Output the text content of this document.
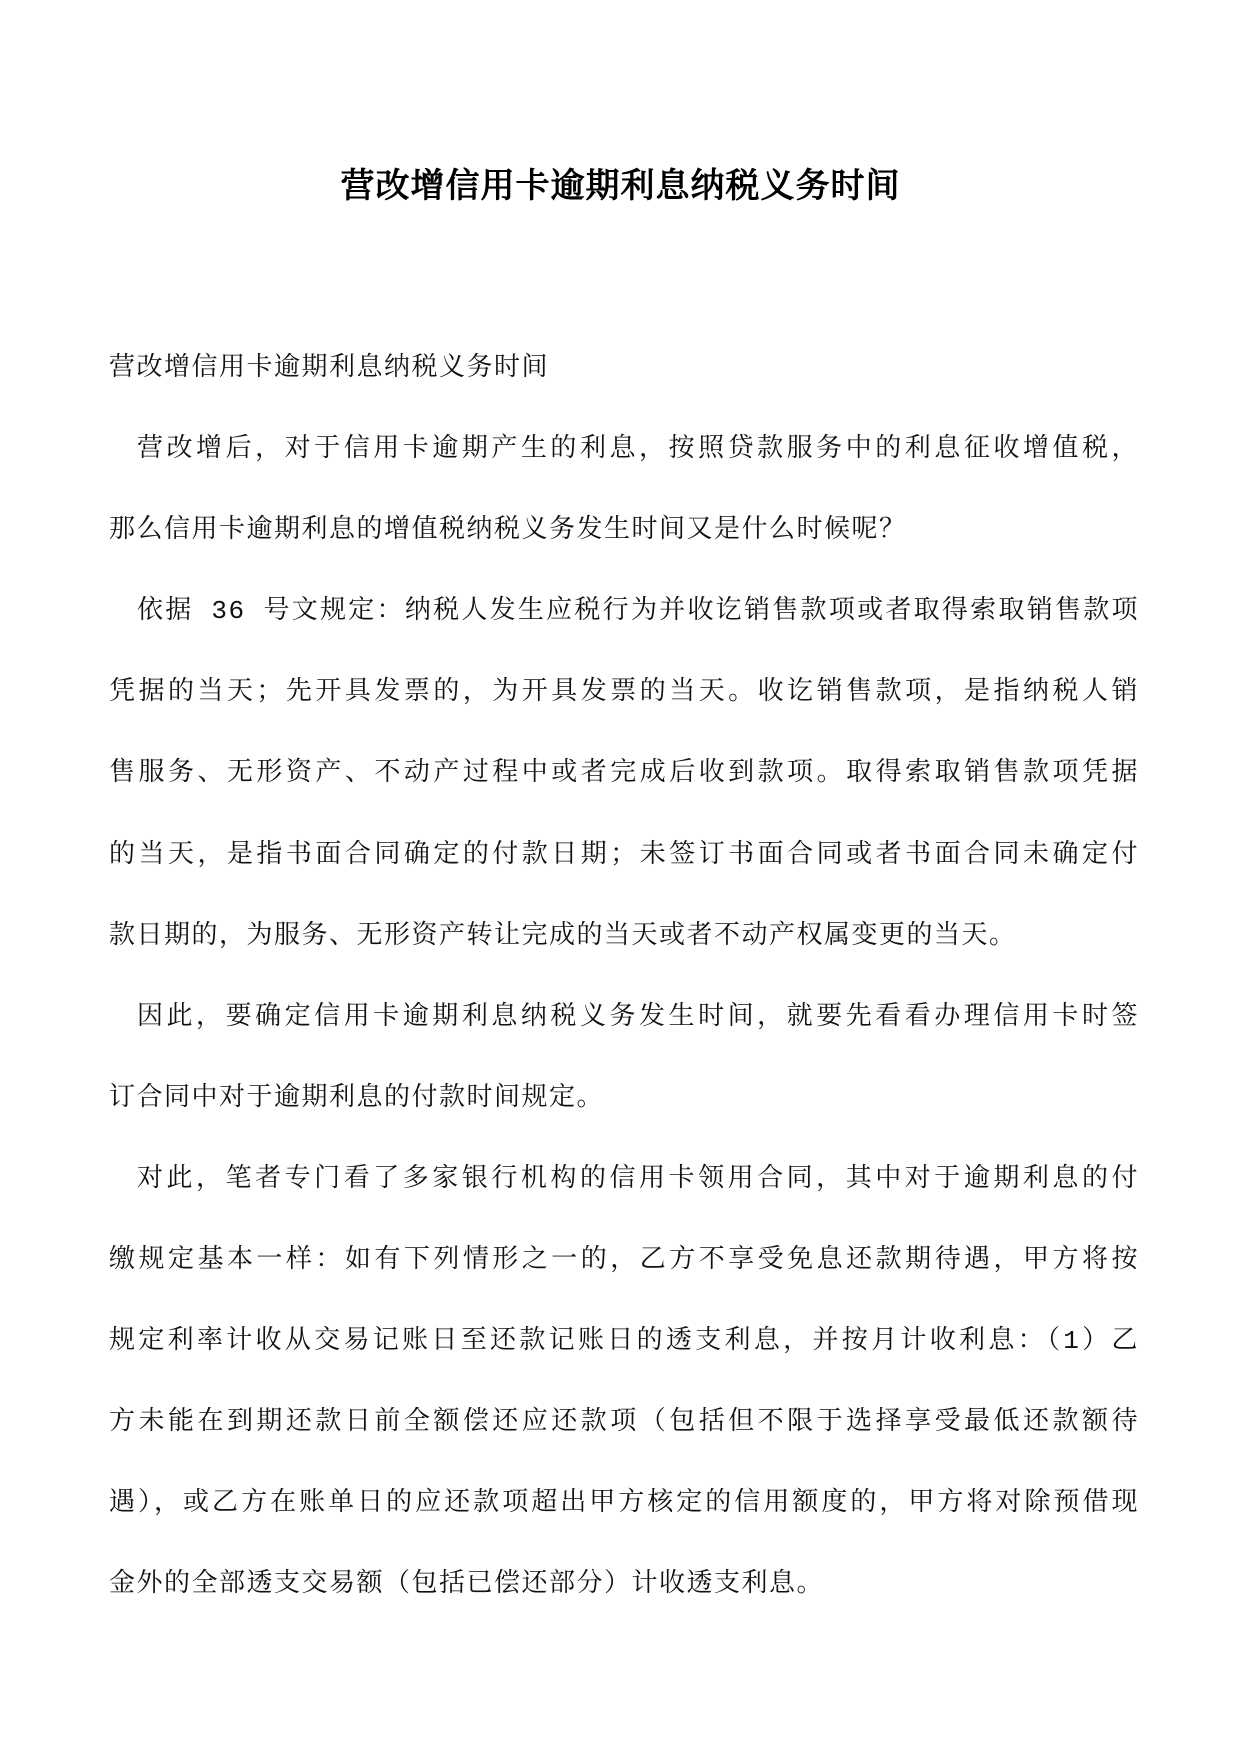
营改增信用卡逾期利息纳税义务时间
营改增信用卡逾期利息纳税义务时间
营改增后，对于信用卡逾期产生的利息，按照贷款服务中的利息征收增值税，
那么信用卡逾期利息的增值税纳税义务发生时间又是什么时候呢？
依据 36 号文规定：纳税人发生应税行为并收讫销售款项或者取得索取销售款项
凭据的当天；先开具发票的，为开具发票的当天。收讫销售款项，是指纳税人销
售服务、无形资产、不动产过程中或者完成后收到款项。取得索取销售款项凭据
的当天，是指书面合同确定的付款日期；未签订书面合同或者书面合同未确定付
款日期的，为服务、无形资产转让完成的当天或者不动产权属变更的当天。
因此，要确定信用卡逾期利息纳税义务发生时间，就要先看看办理信用卡时签
订合同中对于逾期利息的付款时间规定。
对此，笔者专门看了多家银行机构的信用卡领用合同，其中对于逾期利息的付
缴规定基本一样：如有下列情形之一的，乙方不享受免息还款期待遇，甲方将按
规定利率计收从交易记账日至还款记账日的透支利息，并按月计收利息：（1）乙
方未能在到期还款日前全额偿还应还款项（包括但不限于选择享受最低还款额待
遇），或乙方在账单日的应还款项超出甲方核定的信用额度的，甲方将对除预借现
金外的全部透支交易额（包括已偿还部分）计收透支利息。
